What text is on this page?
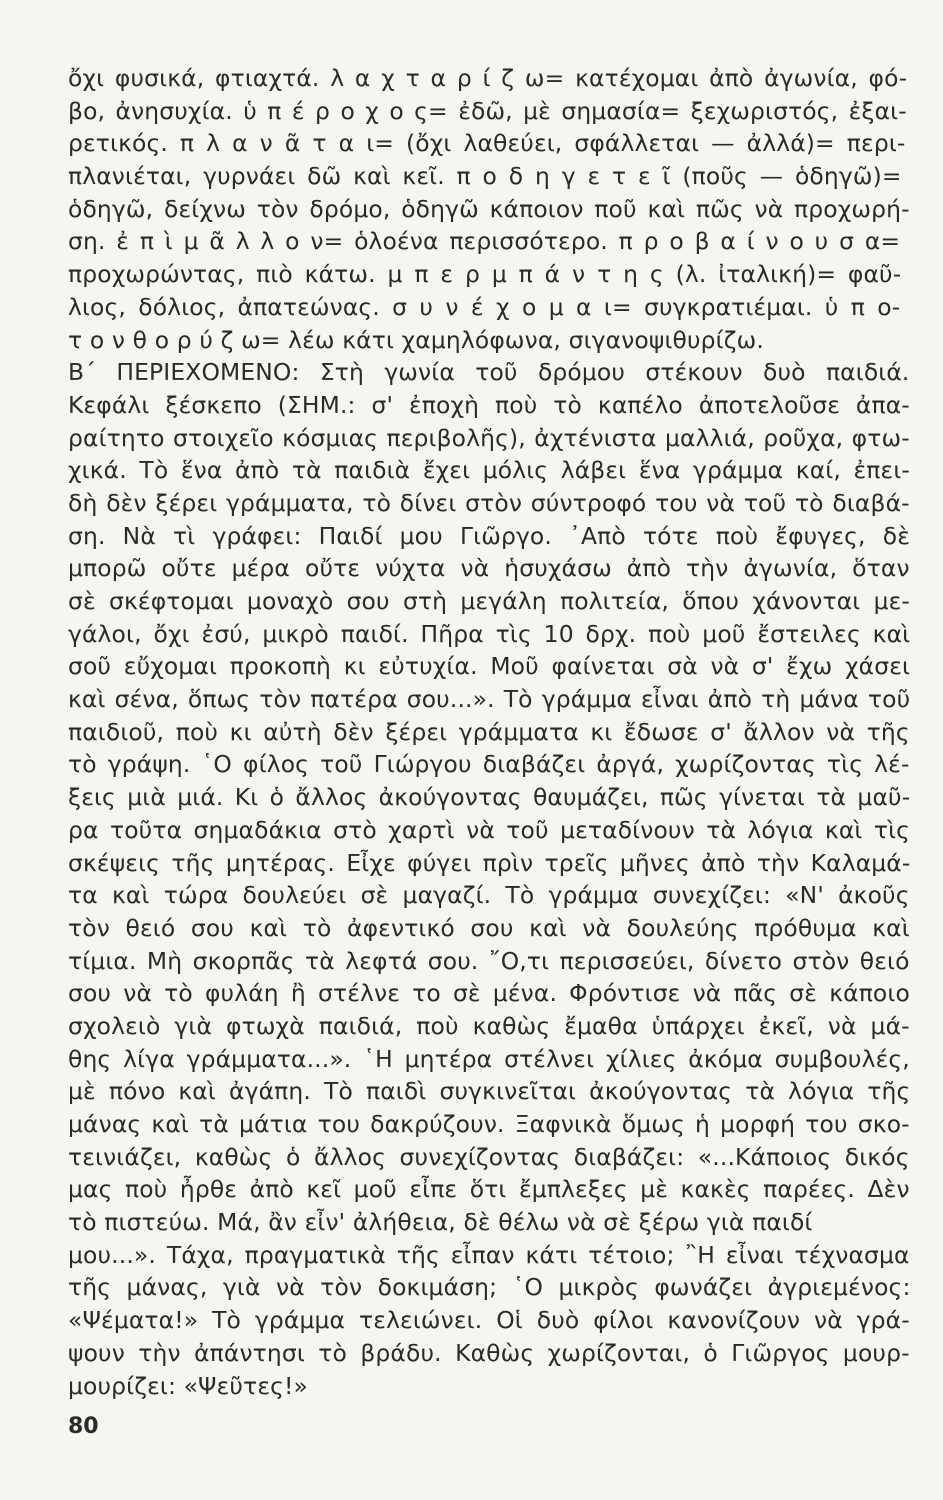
ὄχι φυσικά, φτιαχτά. λ α χ τ α ρ ί ζ ω= κατέχομαι ἀπὸ ἀγωνία, φό-
βο, ἀνησυχία. ὑ π έ ρ ο χ ο ς= ἐδῶ, μὲ σημασία= ξεχωριστός, ἐξαι-
ρετικός. π λ α ν ᾶ τ α ι= (ὄχι λαθεύει, σφάλλεται — ἀλλά)= περι-
πλανιέται, γυρνάει δῶ καὶ κεῖ. π ο δ η γ ε τ ε ῖ (ποῦς — ὁδηγῶ)=
ὁδηγῶ, δείχνω τὸν δρόμο, ὁδηγῶ κάποιον ποῦ καὶ πῶς νὰ προχωρή-
ση. ἐ π ὶ μ ᾶ λ λ ο ν= ὁλοένα περισσότερο. π ρ ο β α ί ν ο υ σ α=
προχωρώντας, πιὸ κάτω. μ π ε ρ μ π ά ν τ η ς (λ. ἰταλική)= φαῦ-
λιος, δόλιος, ἀπατεώνας. σ υ ν έ χ ο μ α ι= συγκρατιέμαι. ὑ π ο-
τ ο ν θ ο ρ ύ ζ ω= λέω κάτι χαμηλόφωνα, σιγανοψιθυρίζω.
Β΄ ΠΕΡΙΕΧΟΜΕΝΟ: Στὴ γωνία τοῦ δρόμου στέκουν δυὸ παιδιά.
Κεφάλι ξέσκεπο (ΣΗΜ.: σ' ἐποχὴ ποὺ τὸ καπέλο ἀποτελοῦσε ἀπα-
ραίτητο στοιχεῖο κόσμιας περιβολῆς), ἀχτένιστα μαλλιά, ροῦχα, φτω-
χικά. Τὸ ἕνα ἀπὸ τὰ παιδιὰ ἔχει μόλις λάβει ἕνα γράμμα καί, ἐπει-
δὴ δὲν ξέρει γράμματα, τὸ δίνει στὸν σύντροφό του νὰ τοῦ τὸ διαβά-
ση. Νὰ τὶ γράφει: Παιδί μου Γιῶργο. ᾿Απὸ τότε ποὺ ἔφυγες, δὲ
μπορῶ οὔτε μέρα οὔτε νύχτα νὰ ἡσυχάσω ἀπὸ τὴν ἀγωνία, ὅταν
σὲ σκέφτομαι μοναχὸ σου στὴ μεγάλη πολιτεία, ὅπου χάνονται με-
γάλοι, ὄχι ἐσύ, μικρὸ παιδί. Πῆρα τὶς 10 δρχ. ποὺ μοῦ ἔστειλες καὶ
σοῦ εὔχομαι προκοπὴ κι εὐτυχία. Μοῦ φαίνεται σὰ νὰ σ' ἔχω χάσει
καὶ σένα, ὅπως τὸν πατέρα σου...». Τὸ γράμμα εἶναι ἀπὸ τὴ μάνα τοῦ
παιδιοῦ, ποὺ κι αὐτὴ δὲν ξέρει γράμματα κι ἔδωσε σ' ἄλλον νὰ τῆς
τὸ γράψη. ῾Ο φίλος τοῦ Γιώργου διαβάζει ἀργά, χωρίζοντας τὶς λέ-
ξεις μιὰ μιά. Κι ὁ ἄλλος ἀκούγοντας θαυμάζει, πῶς γίνεται τὰ μαῦ-
ρα τοῦτα σημαδάκια στὸ χαρτὶ νὰ τοῦ μεταδίνουν τὰ λόγια καὶ τὶς
σκέψεις τῆς μητέρας. Εἶχε φύγει πρὶν τρεῖς μῆνες ἀπὸ τὴν Καλαμά-
τα καὶ τώρα δουλεύει σὲ μαγαζί. Τὸ γράμμα συνεχίζει: «Ν' ἀκοῦς
τὸν θειό σου καὶ τὸ ἀφεντικό σου καὶ νὰ δουλεύης πρόθυμα καὶ
τίμια. Μὴ σκορπᾶς τὰ λεφτά σου. ῎Ο,τι περισσεύει, δίνετο στὸν θειό
σου νὰ τὸ φυλάη ἢ στέλνε το σὲ μένα. Φρόντισε νὰ πᾶς σὲ κάποιο
σχολειὸ γιὰ φτωχὰ παιδιά, ποὺ καθὼς ἔμαθα ὑπάρχει ἐκεῖ, νὰ μά-
θης λίγα γράμματα...». ῾Η μητέρα στέλνει χίλιες ἀκόμα συμβουλές,
μὲ πόνο καὶ ἀγάπη. Τὸ παιδὶ συγκινεῖται ἀκούγοντας τὰ λόγια τῆς
μάνας καὶ τὰ μάτια του δακρύζουν. Ξαφνικὰ ὅμως ἡ μορφή του σκο-
τεινιάζει, καθὼς ὁ ἄλλος συνεχίζοντας διαβάζει: «...Κάποιος δικός
μας ποὺ ἦρθε ἀπὸ κεῖ μοῦ εἶπε ὅτι ἔμπλεξες μὲ κακὲς παρέες. Δὲν
τὸ πιστεύω. Μά, ἂν εἶν' ἀλήθεια, δὲ θέλω νὰ σὲ ξέρω γιὰ παιδί
μου...». Τάχα, πραγματικὰ τῆς εἶπαν κάτι τέτοιο; ῍Η εἶναι τέχνασμα
τῆς μάνας, γιὰ νὰ τὸν δοκιμάση; ῾Ο μικρὸς φωνάζει ἀγριεμένος:
«Ψέματα!» Τὸ γράμμα τελειώνει. Οἱ δυὸ φίλοι κανονίζουν νὰ γρά-
ψουν τὴν ἀπάντησι τὸ βράδυ. Καθὼς χωρίζονται, ὁ Γιῶργος μουρ-
μουρίζει: «Ψεῦτες!»
80
